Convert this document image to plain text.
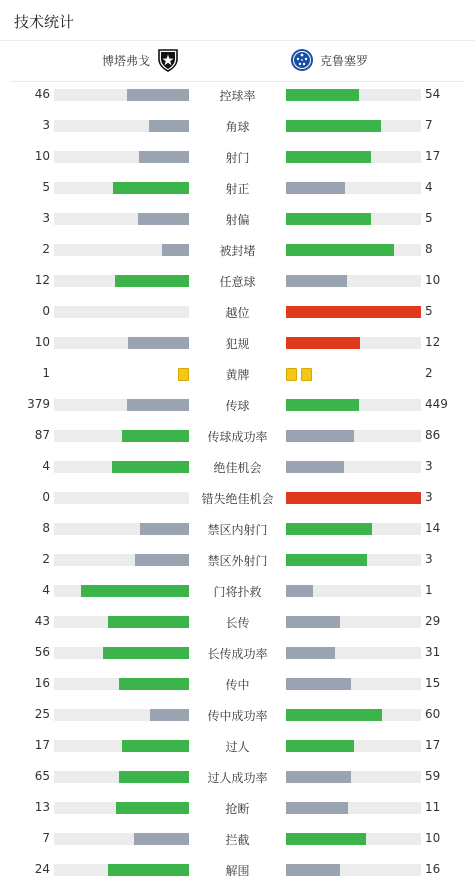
技术统计
博塔弗戈	克鲁塞罗
46	控球率	54
3	角球	7
10	射门	17
5	射正	4
3	射偏	5
2	被封堵	8
12	任意球	10
0	越位	5
10	犯规	12
1	黄牌	2
379	传球	449
87	传球成功率	86
4	绝佳机会	3
0	错失绝佳机会	3
8	禁区内射门	14
2	禁区外射门	3
4	门将扑救	1
43	长传	29
56	长传成功率	31
16	传中	15
25	传中成功率	60
17	过人	17
65	过人成功率	59
13	抢断	11
7	拦截	10
24	解围	16
